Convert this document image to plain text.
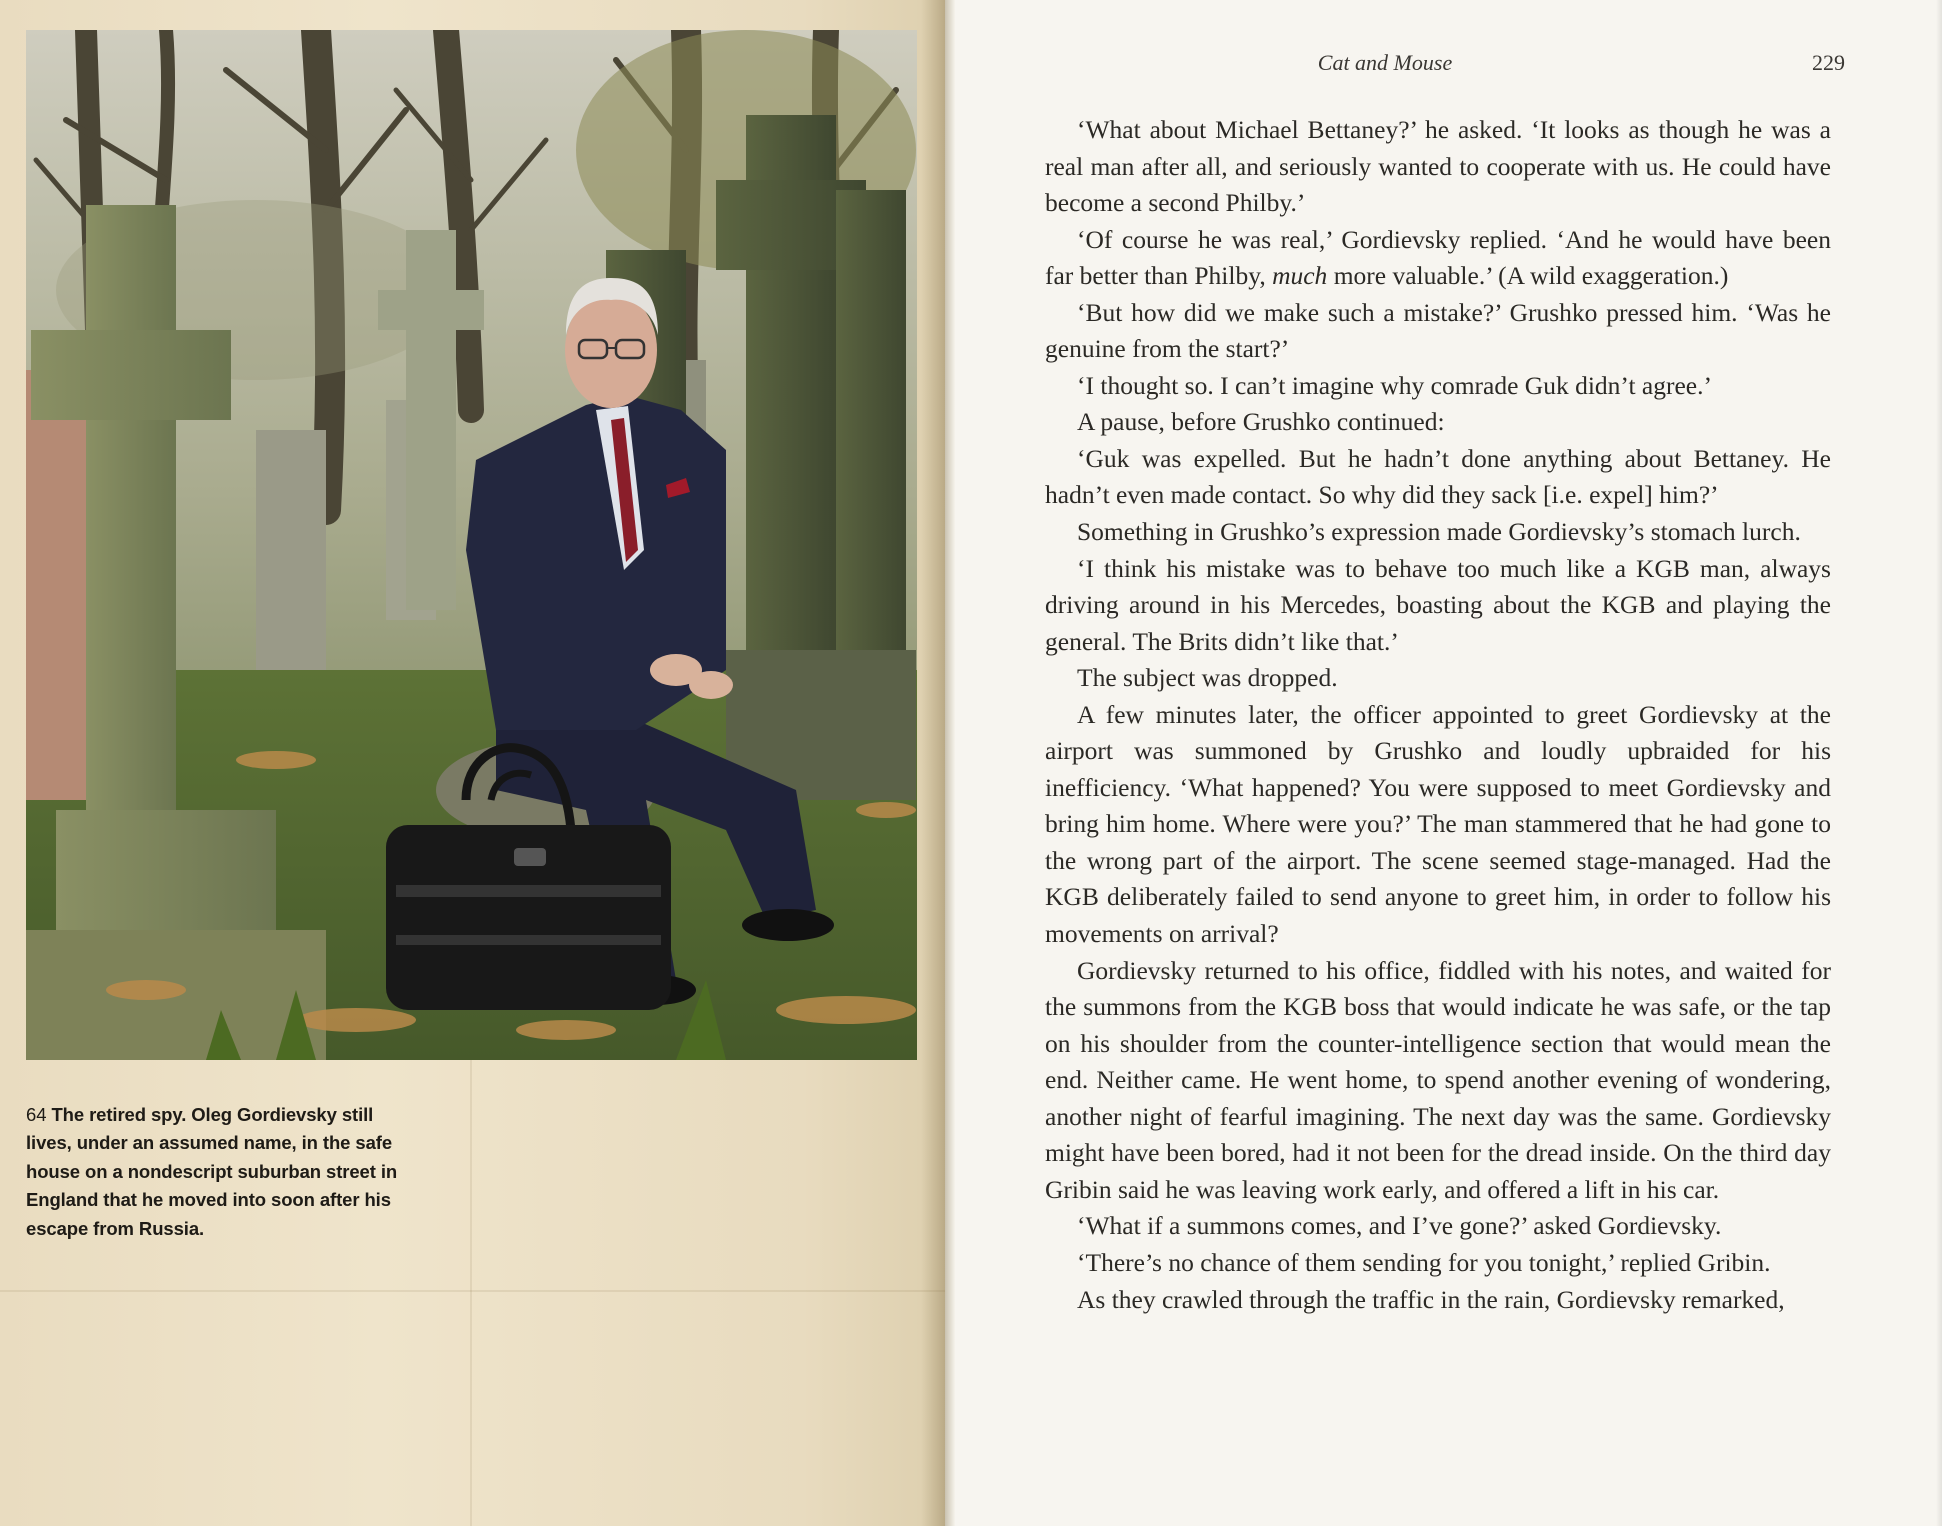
64 The retired spy. Oleg Gordievsky still lives, under an assumed name, in the safe house on a nondescript suburban street in England that he moved into soon after his escape from Russia.
Cat and Mouse	229

‘What about Michael Bettaney?’ he asked. ‘It looks as though he was a real man after all, and seriously wanted to cooperate with us. He could have become a second Philby.’

‘Of course he was real,’ Gordievsky replied. ‘And he would have been far better than Philby, much more valuable.’ (A wild exaggeration.)

‘But how did we make such a mistake?’ Grushko pressed him. ‘Was he genuine from the start?’

‘I thought so. I can’t imagine why comrade Guk didn’t agree.’

A pause, before Grushko continued:

‘Guk was expelled. But he hadn’t done anything about Bettaney. He hadn’t even made contact. So why did they sack [i.e. expel] him?’

Something in Grushko’s expression made Gordievsky’s stomach lurch.

‘I think his mistake was to behave too much like a KGB man, always driving around in his Mercedes, boasting about the KGB and playing the general. The Brits didn’t like that.’

The subject was dropped.

A few minutes later, the officer appointed to greet Gordievsky at the airport was summoned by Grushko and loudly upbraided for his inefficiency. ‘What happened? You were supposed to meet Gordievsky and bring him home. Where were you?’ The man stammered that he had gone to the wrong part of the airport. The scene seemed stage-managed. Had the KGB deliberately failed to send anyone to greet him, in order to follow his movements on arrival?

Gordievsky returned to his office, fiddled with his notes, and waited for the summons from the KGB boss that would indicate he was safe, or the tap on his shoulder from the counter-intelligence section that would mean the end. Neither came. He went home, to spend another evening of wondering, another night of fearful imagining. The next day was the same. Gordievsky might have been bored, had it not been for the dread inside. On the third day Gribin said he was leaving work early, and offered a lift in his car.

‘What if a summons comes, and I’ve gone?’ asked Gordievsky.

‘There’s no chance of them sending for you tonight,’ replied Gribin.

As they crawled through the traffic in the rain, Gordievsky remarked,
